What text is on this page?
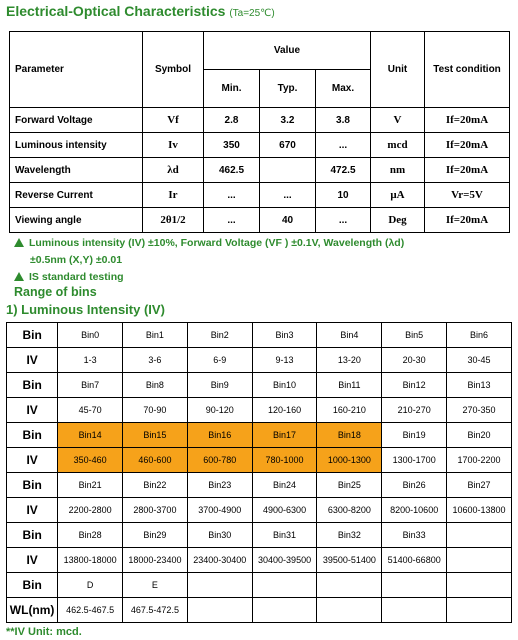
Electrical-Optical Characteristics (Ta=25℃)
Parameter	Symbol	Value			Unit	Test condition
		Min.	Typ.	Max.		
Forward Voltage	Vf	2.8	3.2	3.8	V	If=20mA
Luminous intensity	Iv	350	670	...	mcd	If=20mA
Wavelength	λd	462.5		472.5	nm	If=20mA
Reverse Current	Ir	...	...	10	μA	Vr=5V
Viewing angle	2θ1/2	...	40	...	Deg	If=20mA
Luminous intensity (IV) ±10%, Forward Voltage (VF ) ±0.1V, Wavelength (λd)
±0.5nm (X,Y) ±0.01
IS standard testing
Range of bins
1) Luminous Intensity (IV)
Bin	Bin0	Bin1	Bin2	Bin3	Bin4	Bin5	Bin6
IV	1-3	3-6	6-9	9-13	13-20	20-30	30-45
Bin	Bin7	Bin8	Bin9	Bin10	Bin11	Bin12	Bin13
IV	45-70	70-90	90-120	120-160	160-210	210-270	270-350
Bin	Bin14	Bin15	Bin16	Bin17	Bin18	Bin19	Bin20
IV	350-460	460-600	600-780	780-1000	1000-1300	1300-1700	1700-2200
Bin	Bin21	Bin22	Bin23	Bin24	Bin25	Bin26	Bin27
IV	2200-2800	2800-3700	3700-4900	4900-6300	6300-8200	8200-10600	10600-13800
Bin	Bin28	Bin29	Bin30	Bin31	Bin32	Bin33	
IV	13800-18000	18000-23400	23400-30400	30400-39500	39500-51400	51400-66800	
Bin	D	E					
WL(nm)	462.5-467.5	467.5-472.5					
**IV Unit: mcd.
